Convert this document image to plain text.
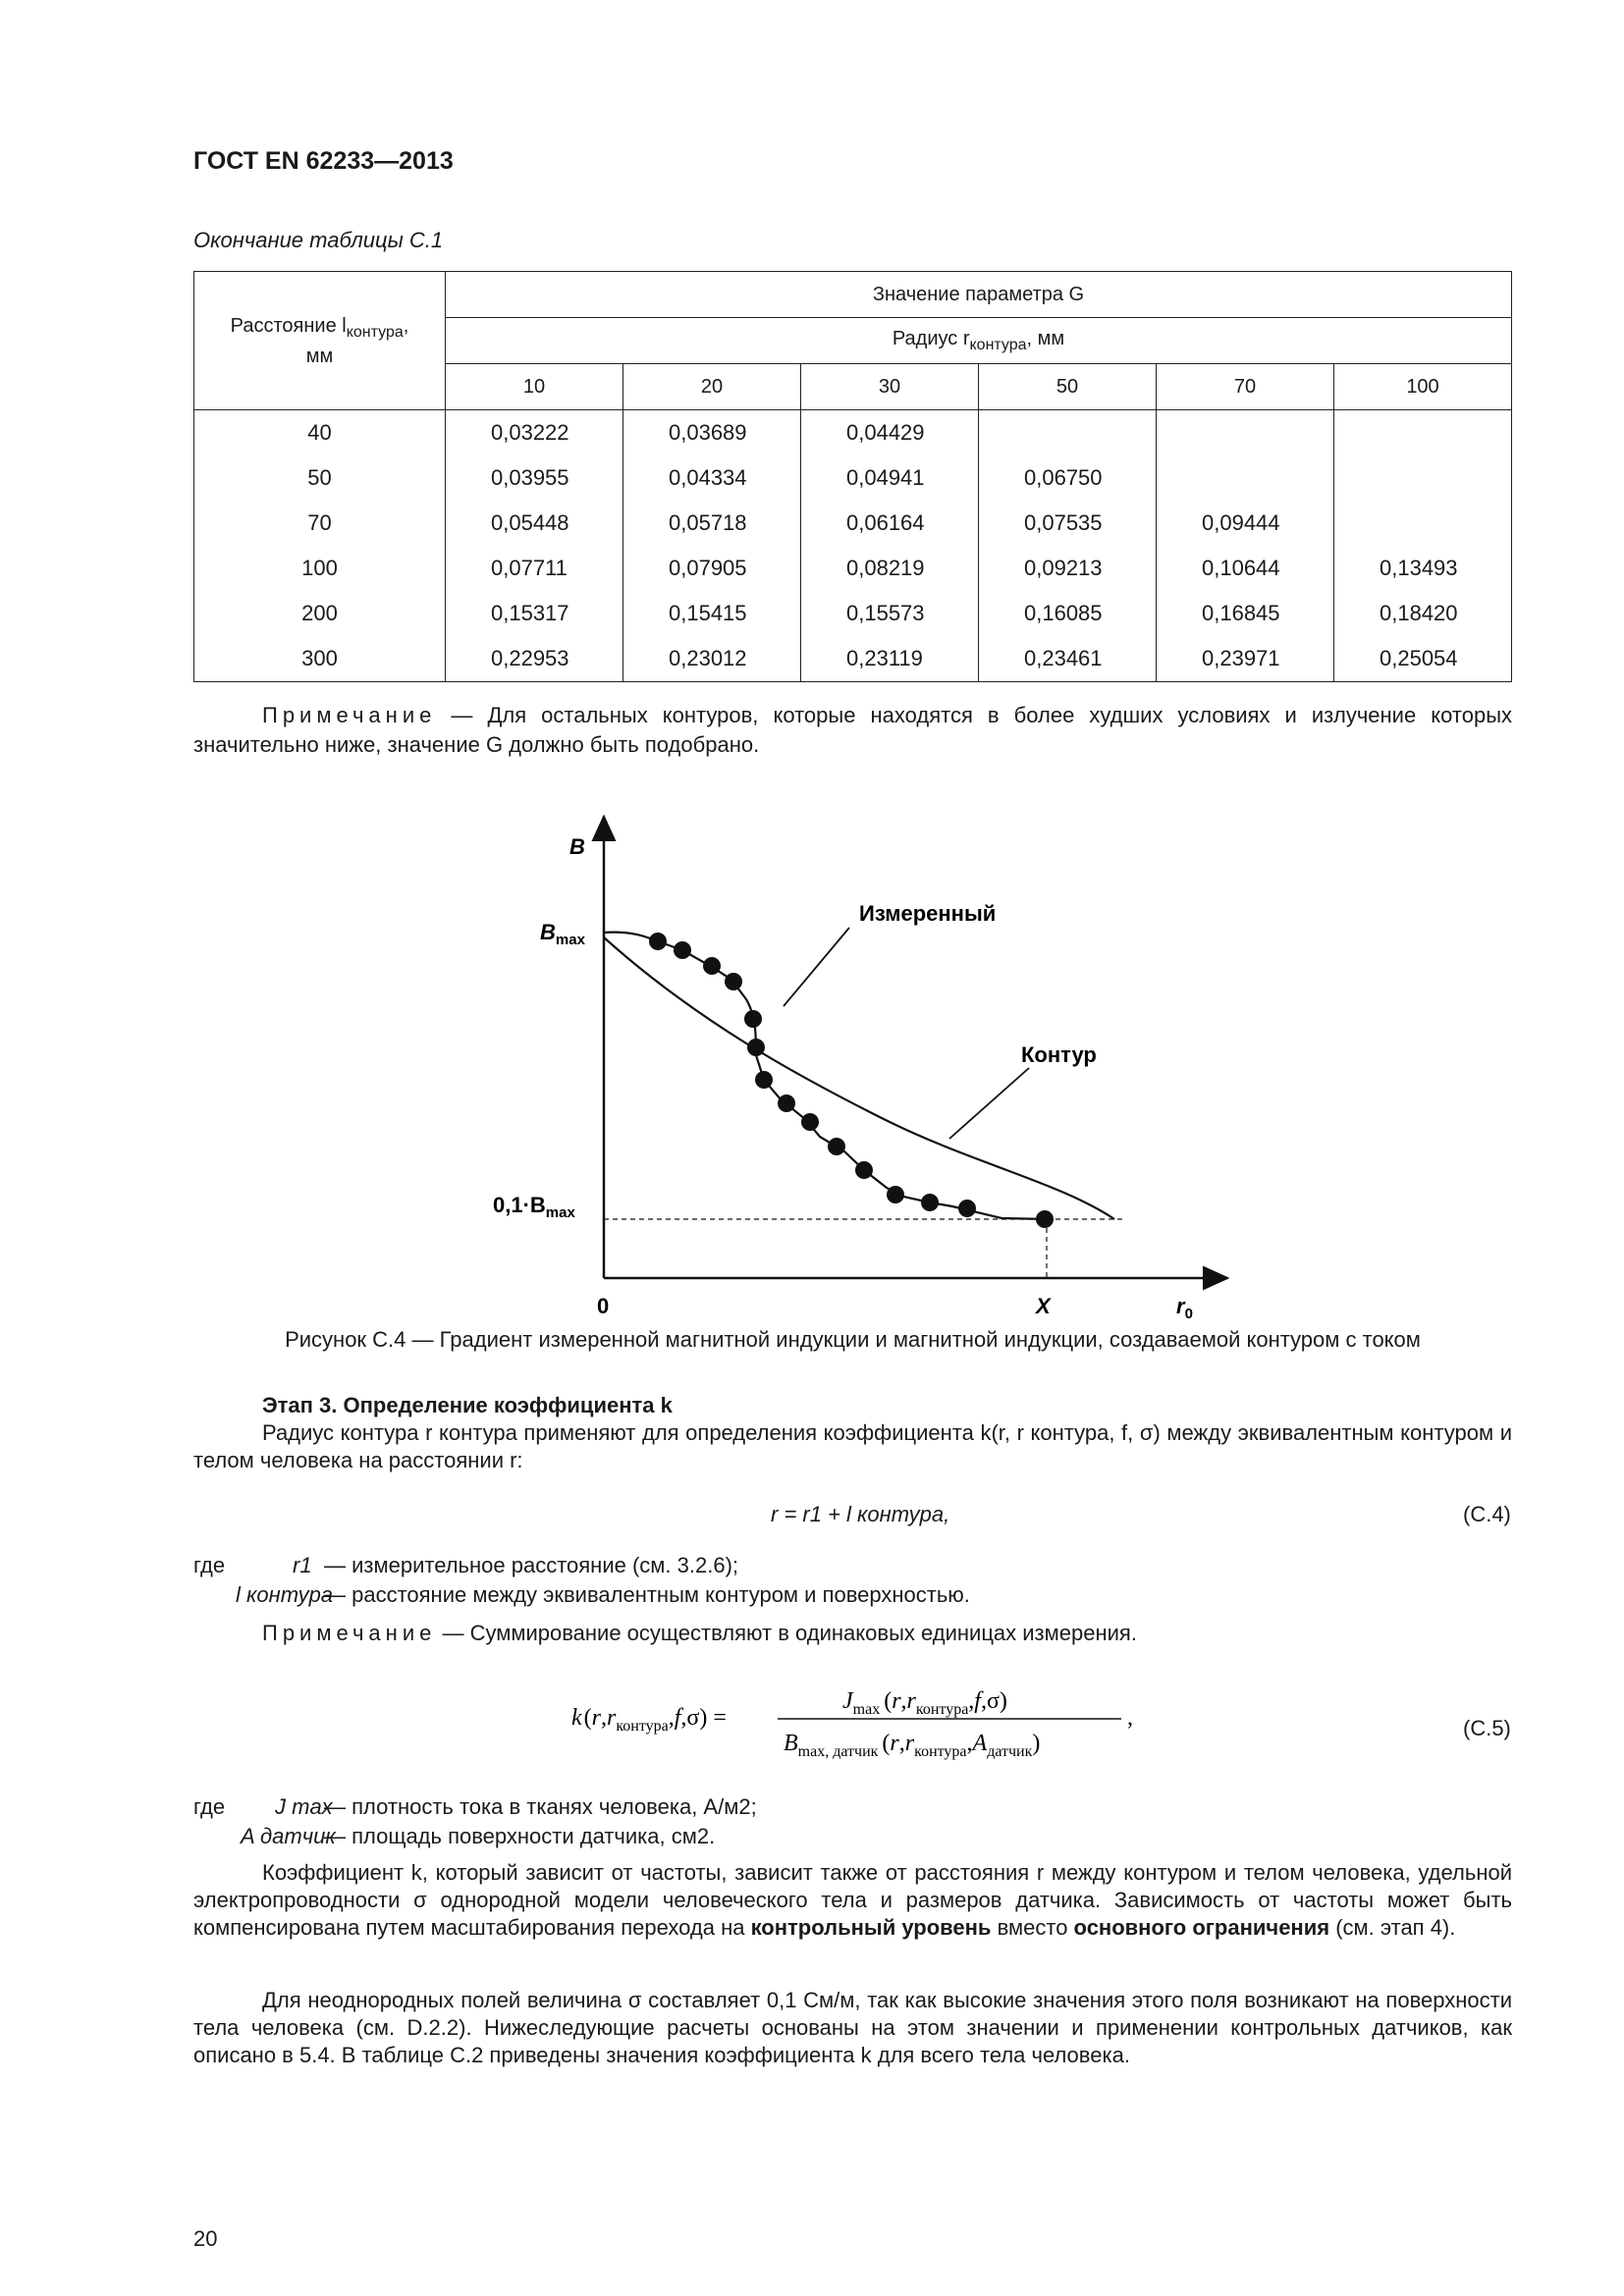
ГОСТ EN 62233—2013
Окончание таблицы С.1
Расстояние $l_{контура}$,
мм	Значение параметра G					
	Радиус $r_{контура}$, мм					
	10	20	30	50	70	100
40	0,03222	0,03689	0,04429			
50	0,03955	0,04334	0,04941	0,06750		
70	0,05448	0,05718	0,06164	0,07535	0,09444	
100	0,07711	0,07905	0,08219	0,09213	0,10644	0,13493
200	0,15317	0,15415	0,15573	0,16085	0,16845	0,18420
300	0,22953	0,23012	0,23119	0,23461	0,23971	0,25054
Примечание — Для остальных контуров, которые находятся в более худших условиях и излучение которых значительно ниже, значение G должно быть подобрано.
B
$B_{max}$
$0,1\cdot B_{max}$
0	X	$r_0$
Измеренный
Контур
Рисунок С.4 — Градиент измеренной магнитной индукции и магнитной индукции, создаваемой контуром с током
Этап 3. Определение коэффициента k
Радиус контура r контура применяют для определения коэффициента k(r, r контура, f, σ) между эквивалентным контуром и телом человека на расстоянии r:
r = r1 + l контура,	(С.4)
где	r1 — измерительное расстояние (см. 3.2.6);
l контура
— расстояние между эквивалентным контуром и поверхностью.
Примечание — Суммирование осуществляют в одинаковых единицах измерения.
$k(r,r_{контура},f,\sigma)$ =
$J_{max}$ $(r,r_{контура},f,\sigma)$
$B_{max, датчик}$ $(r,r_{контура},A_{датчик})$
,	(С.5)
где J max
— плотность тока в тканях человека, А/м2;
A датчик
— площадь поверхности датчика, см2.
Коэффициент k, который зависит от частоты, зависит также от расстояния r между контуром и телом человека, удельной электропроводности σ однородной модели человеческого тела и размеров датчика. Зависимость от частоты может быть компенсирована путем масштабирования перехода на контрольный уровень вместо основного ограничения (см. этап 4).
Для неоднородных полей величина σ составляет 0,1 См/м, так как высокие значения этого поля возникают на поверхности тела человека (см. D.2.2). Нижеследующие расчеты основаны на этом значении и применении контрольных датчиков, как описано в 5.4. В таблице С.2 приведены значения коэффициента k для всего тела человека.
20
